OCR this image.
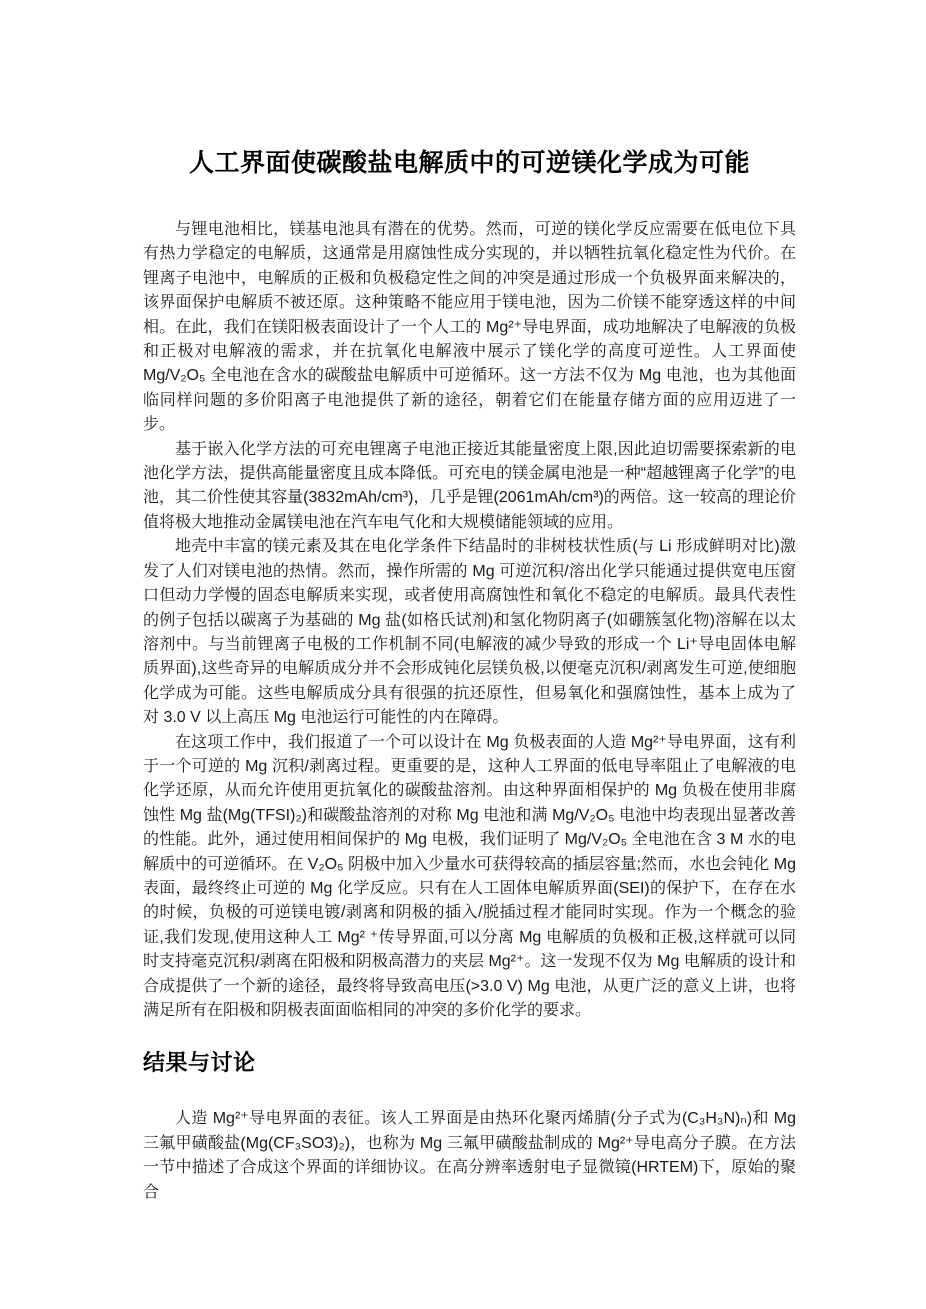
人工界面使碳酸盐电解质中的可逆镁化学成为可能

与锂电池相比，镁基电池具有潜在的优势。然而，可逆的镁化学反应需要在低电位下具有热力学稳定的电解质，这通常是用腐蚀性成分实现的，并以牺牲抗氧化稳定性为代价。在锂离子电池中，电解质的正极和负极稳定性之间的冲突是通过形成一个负极界面来解决的，该界面保护电解质不被还原。这种策略不能应用于镁电池，因为二价镁不能穿透这样的中间相。在此，我们在镁阳极表面设计了一个人工的 Mg²⁺导电界面，成功地解决了电解液的负极和正极对电解液的需求，并在抗氧化电解液中展示了镁化学的高度可逆性。人工界面使 Mg/V₂O₅ 全电池在含水的碳酸盐电解质中可逆循环。这一方法不仅为 Mg 电池，也为其他面临同样问题的多价阳离子电池提供了新的途径，朝着它们在能量存储方面的应用迈进了一步。

基于嵌入化学方法的可充电锂离子电池正接近其能量密度上限,因此迫切需要探索新的电池化学方法，提供高能量密度且成本降低。可充电的镁金属电池是一种“超越锂离子化学”的电池，其二价性使其容量(3832mAh/cm³)，几乎是锂(2061mAh/cm³)的两倍。这一较高的理论价值将极大地推动金属镁电池在汽车电气化和大规模储能领域的应用。

地壳中丰富的镁元素及其在电化学条件下结晶时的非树枝状性质(与 Li 形成鲜明对比)激发了人们对镁电池的热情。然而，操作所需的 Mg 可逆沉积/溶出化学只能通过提供宽电压窗口但动力学慢的固态电解质来实现，或者使用高腐蚀性和氧化不稳定的电解质。最具代表性的例子包括以碳离子为基础的 Mg 盐(如格氏试剂)和氢化物阴离子(如硼簇氢化物)溶解在以太溶剂中。与当前锂离子电极的工作机制不同(电解液的减少导致的形成一个 Li⁺导电固体电解质界面),这些奇异的电解质成分并不会形成钝化层镁负极,以便毫克沉积/剥离发生可逆,使细胞化学成为可能。这些电解质成分具有很强的抗还原性，但易氧化和强腐蚀性，基本上成为了对 3.0 V 以上高压 Mg 电池运行可能性的内在障碍。

在这项工作中，我们报道了一个可以设计在 Mg 负极表面的人造 Mg²⁺导电界面，这有利于一个可逆的 Mg 沉积/剥离过程。更重要的是，这种人工界面的低电导率阻止了电解液的电化学还原，从而允许使用更抗氧化的碳酸盐溶剂。由这种界面相保护的 Mg 负极在使用非腐蚀性 Mg 盐(Mg(TFSI)₂)和碳酸盐溶剂的对称 Mg 电池和满 Mg/V₂O₅ 电池中均表现出显著改善的性能。此外，通过使用相间保护的 Mg 电极，我们证明了 Mg/V₂O₅ 全电池在含 3 M 水的电解质中的可逆循环。在 V₂O₅ 阴极中加入少量水可获得较高的插层容量;然而，水也会钝化 Mg 表面，最终终止可逆的 Mg 化学反应。只有在人工固体电解质界面(SEI)的保护下，在存在水的时候，负极的可逆镁电镀/剥离和阴极的插入/脱插过程才能同时实现。作为一个概念的验证,我们发现,使用这种人工 Mg² ⁺传导界面,可以分离 Mg 电解质的负极和正极,这样就可以同时支持毫克沉积/剥离在阳极和阴极高潜力的夹层 Mg²⁺。这一发现不仅为 Mg 电解质的设计和合成提供了一个新的途径，最终将导致高电压(>3.0 V) Mg 电池，从更广泛的意义上讲，也将满足所有在阳极和阴极表面面临相同的冲突的多价化学的要求。

结果与讨论

人造 Mg²⁺导电界面的表征。该人工界面是由热环化聚丙烯腈(分子式为(C₃H₃N)ₙ)和 Mg 三氟甲磺酸盐(Mg(CF₃SO3)₂)，也称为 Mg 三氟甲磺酸盐制成的 Mg²⁺导电高分子膜。在方法一节中描述了合成这个界面的详细协议。在高分辨率透射电子显微镜(HRTEM)下，原始的聚合
